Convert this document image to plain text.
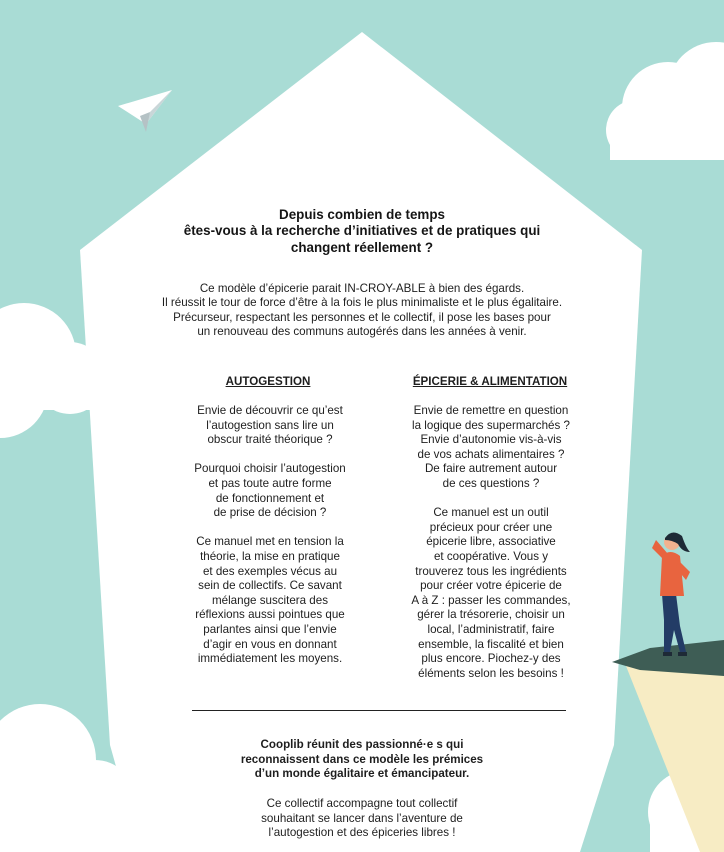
Depuis combien de temps
êtes-vous à la recherche d’initiatives et de pratiques qui
changent réellement ?
Ce modèle d’épicerie parait IN-CROY-ABLE à bien des égards.
Il réussit le tour de force d’être à la fois le plus minimaliste et le plus égalitaire.
Précurseur, respectant les personnes et le collectif, il pose les bases pour
un renouveau des communs autogérés dans les années à venir.
AUTOGESTION	ÉPICERIE & ALIMENTATION

Envie de découvrir ce qu’est
l’autogestion sans lire un
obscur traité théorique ?

Pourquoi choisir l’autogestion
et pas toute autre forme
de fonctionnement et
de prise de décision ?

Ce manuel met en tension la
théorie, la mise en pratique
et des exemples vécus au
sein de collectifs. Ce savant
mélange suscitera des
réflexions aussi pointues que
parlantes ainsi que l’envie
d’agir en vous en donnant
immédiatement les moyens.

Envie de remettre en question
la logique des supermarchés ?
Envie d’autonomie vis-à-vis
de vos achats alimentaires ?
De faire autrement autour
de ces questions ?

Ce manuel est un outil
précieux pour créer une
épicerie libre, associative
et coopérative. Vous y
trouverez tous les ingrédients
pour créer votre épicerie de
A à Z : passer les commandes,
gérer la trésorerie, choisir un
local, l’administratif, faire
ensemble, la fiscalité et bien
plus encore. Piochez-y des
éléments selon les besoins !

Cooplib réunit des passionné·e s qui
reconnaissent dans ce modèle les prémices
d’un monde égalitaire et émancipateur.
Ce collectif accompagne tout collectif
souhaitant se lancer dans l’aventure de
l’autogestion et des épiceries libres !
